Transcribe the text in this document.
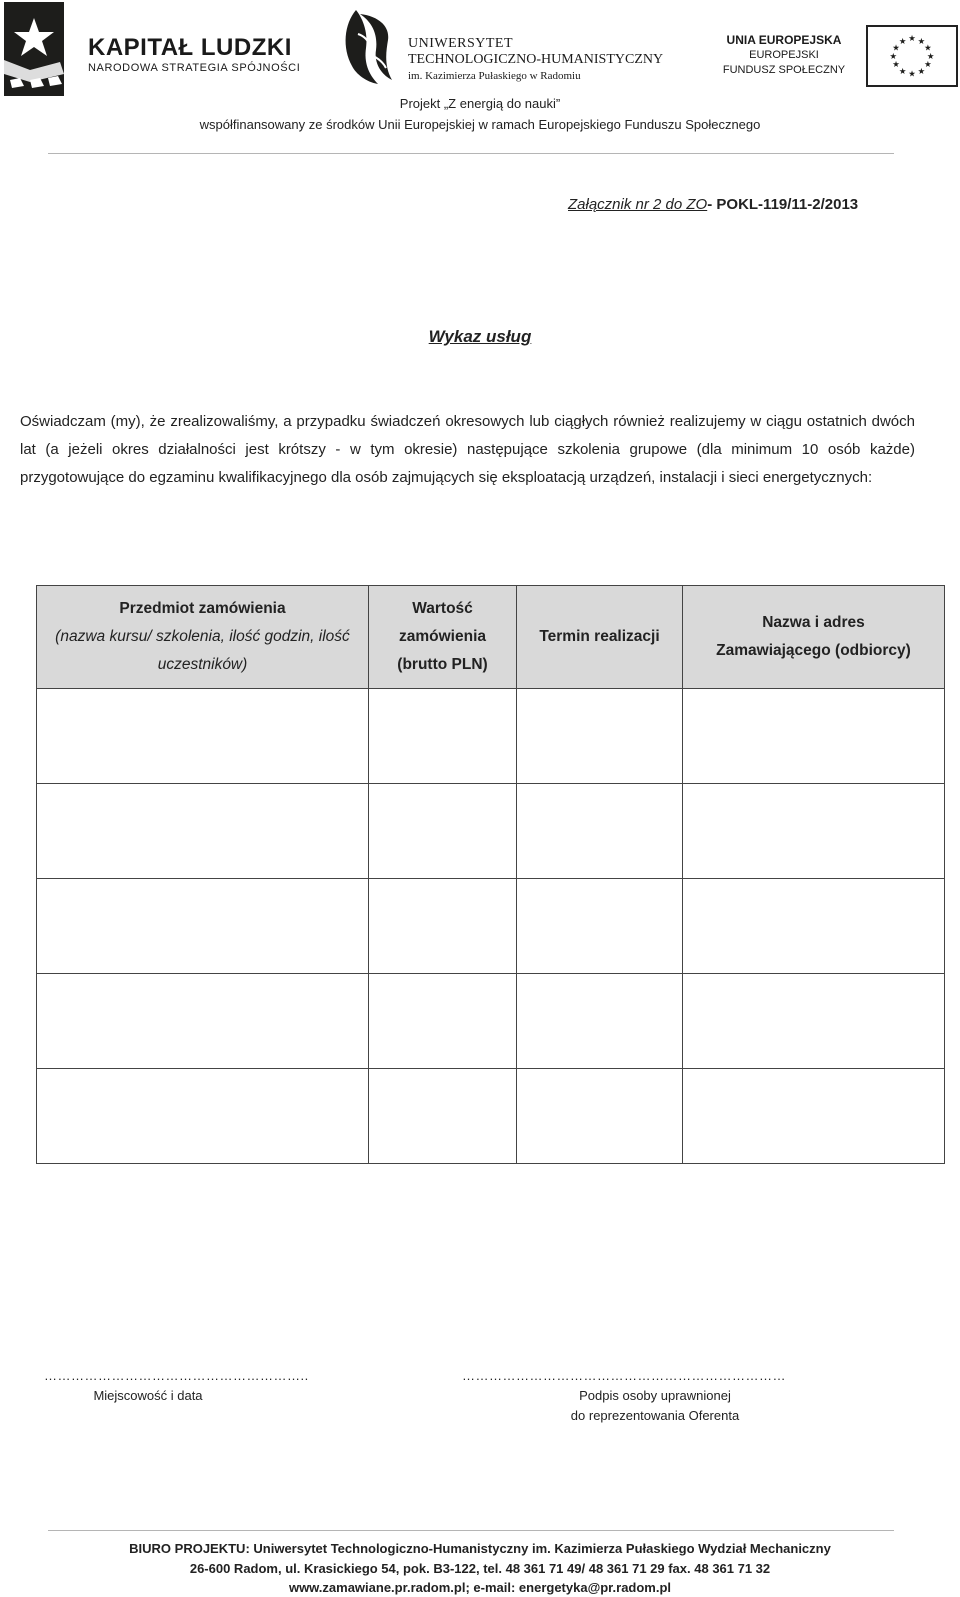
KAPITAŁ LUDZKI
NARODOWA STRATEGIA SPÓJNOŚCI
UNIWERSYTET
TECHNOLOGICZNO-HUMANISTYCZNY
im. Kazimierza Pułaskiego w Radomiu
UNIA EUROPEJSKA
EUROPEJSKI
FUNDUSZ SPOŁECZNY
★ ★
★
★
★
★
★
★
★
★
★
★
Projekt „Z energią do nauki”
współfinansowany ze środków Unii Europejskiej w ramach Europejskiego Funduszu Społecznego
Załącznik nr 2 do ZO- POKL-119/11-2/2013
Wykaz usług
Oświadczam (my), że zrealizowaliśmy, a przypadku świadczeń okresowych lub ciągłych również realizujemy w ciągu ostatnich dwóch lat (a jeżeli okres działalności jest krótszy - w tym okresie) następujące szkolenia grupowe (dla minimum 10 osób każde) przygotowujące do egzaminu kwalifikacyjnego dla osób zajmujących się eksploatacją urządzeń, instalacji i sieci energetycznych:
Przedmiot zamówienia
(nazwa kursu/ szkolenia, ilość godzin, ilość uczestników)	Wartość
zamówienia
(brutto PLN)	Termin realizacji	Nazwa i adres
Zamawiającego (odbiorcy)

…………………………………………………..
Miejscowość i data
………………………………………………………………
Podpis osoby uprawnionej
do reprezentowania Oferenta
BIURO PROJEKTU: Uniwersytet Technologiczno-Humanistyczny im. Kazimierza Pułaskiego Wydział Mechaniczny
26-600 Radom, ul. Krasickiego 54, pok. B3-122, tel. 48 361 71 49/ 48 361 71 29 fax. 48 361 71 32
www.zamawiane.pr.radom.pl; e-mail: energetyka@pr.radom.pl
